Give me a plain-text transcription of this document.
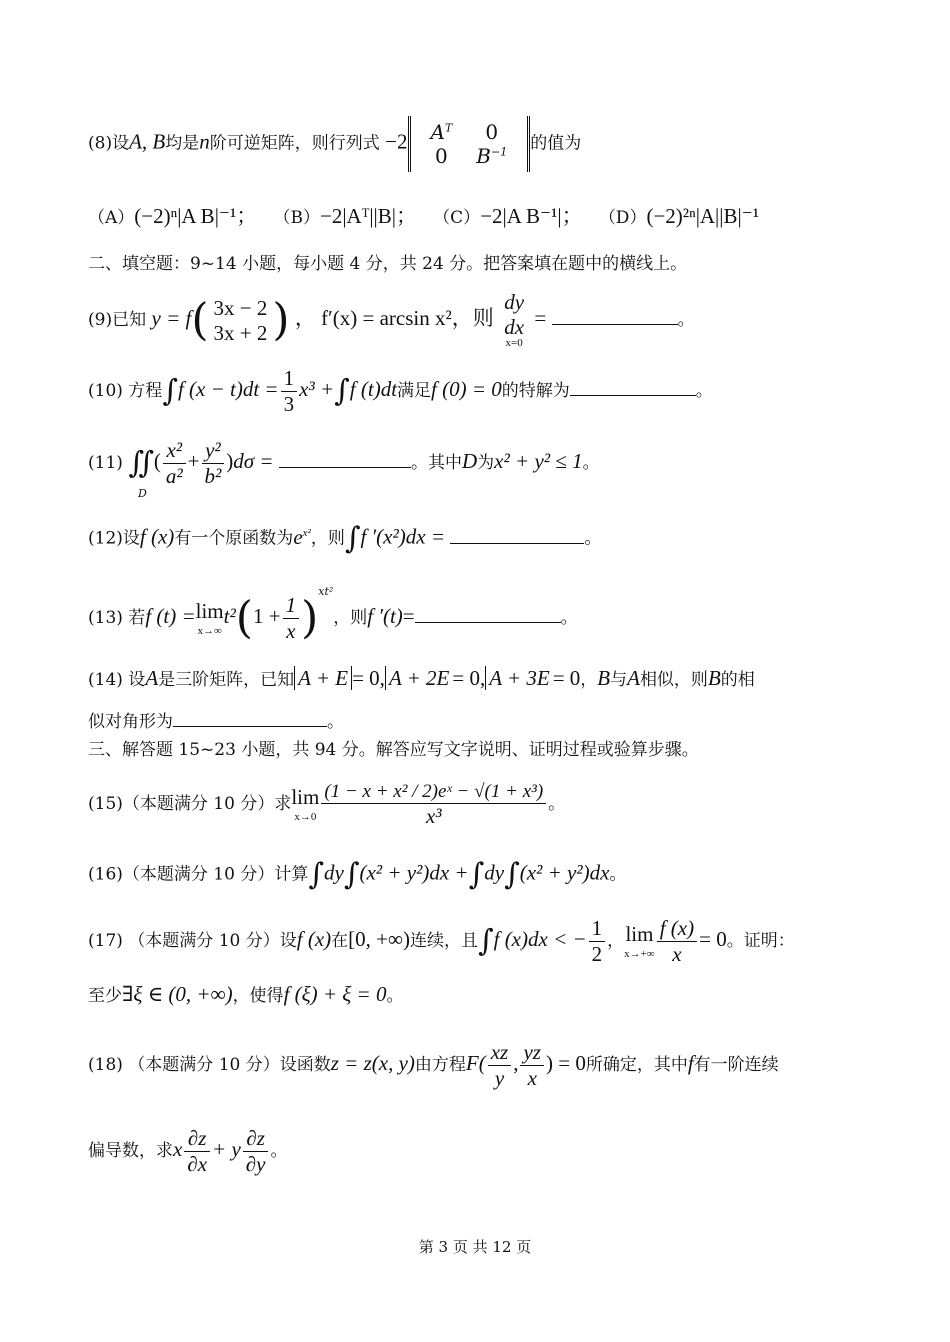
(8)设A, B均是n阶可逆矩阵，则行列式 −2 $A^T$	0
0	$B^{-1}$ 的值为
（A）(−2)ⁿ|A B|⁻¹； （B）−2|Aᵀ||B|； （C）−2|A B⁻¹|； （D）(−2)²ⁿ|A||B|⁻¹
二、填空题：9~14 小题，每小题 4 分，共 24 分。把答案填在题中的横线上。
(9)已知 y = f( 3x − 2
3x + 2 ) ， f′(x) = arcsin x²，则
dy
dx
x=0
=	。
(10) 方程∫f $(x - t)dt = \frac{1}{3} x^3 +\int f$ (t)dt满足f (0) = 0的特解为	。
(11) ∬( $\frac{\text{x²}}{\text{a²}} + \frac{\text{y²}}{\text{b²}} )d\sigma$ =	。其中D为x² + y² ≤ 1。
D
(12)设f (x)有一个原函数为$e^{x^2}$，则∫f ′(x²)dx =	。
(13) 若f (t) =lim
x→∞
$t^2(1 + \frac{1}{x} )^{xt^2}$，则f ′(t)=	。
(14) 设A是三阶矩阵，已知 A + E = 0, A + 2E = 0, A + 3E = 0，B与A相似，则B的相
似对角形为	。
三、解答题 15~23 小题，共 94 分。解答应写文字说明、证明过程或验算步骤。
(15)（本题满分 10 分）求lim
$x\to 0 \frac{\text{(1 − x + x² / 2)eˣ − √(1 + x³)}}{\text{x³}}$ 。
(16)（本题满分 10 分）计算∫dy∫(x² + y²)dx +∫dy∫(x² + y²)dx。
(17) （本题满分 10 分）设f (x)在[0, +∞)连续，且∫f (x)dx < − $\frac{1}{2}$ ，lim
$x\to+\infty \frac{f (x)}{x} = 0$。证明：
至少∃ξ ∈ (0, +∞)，使得f (ξ) + ξ = 0。
(18) （本题满分 10 分）设函数z = z(x, y)由方程$F( \frac{xz}{y}$ , $\frac{yz}{x}$ ) = 0所确定，其中f有一阶连续
偏导数，求x $\frac{\partial z}{\partial x} + y \frac{\partial z}{\partial y}$ 。
第 3 页 共 12 页
